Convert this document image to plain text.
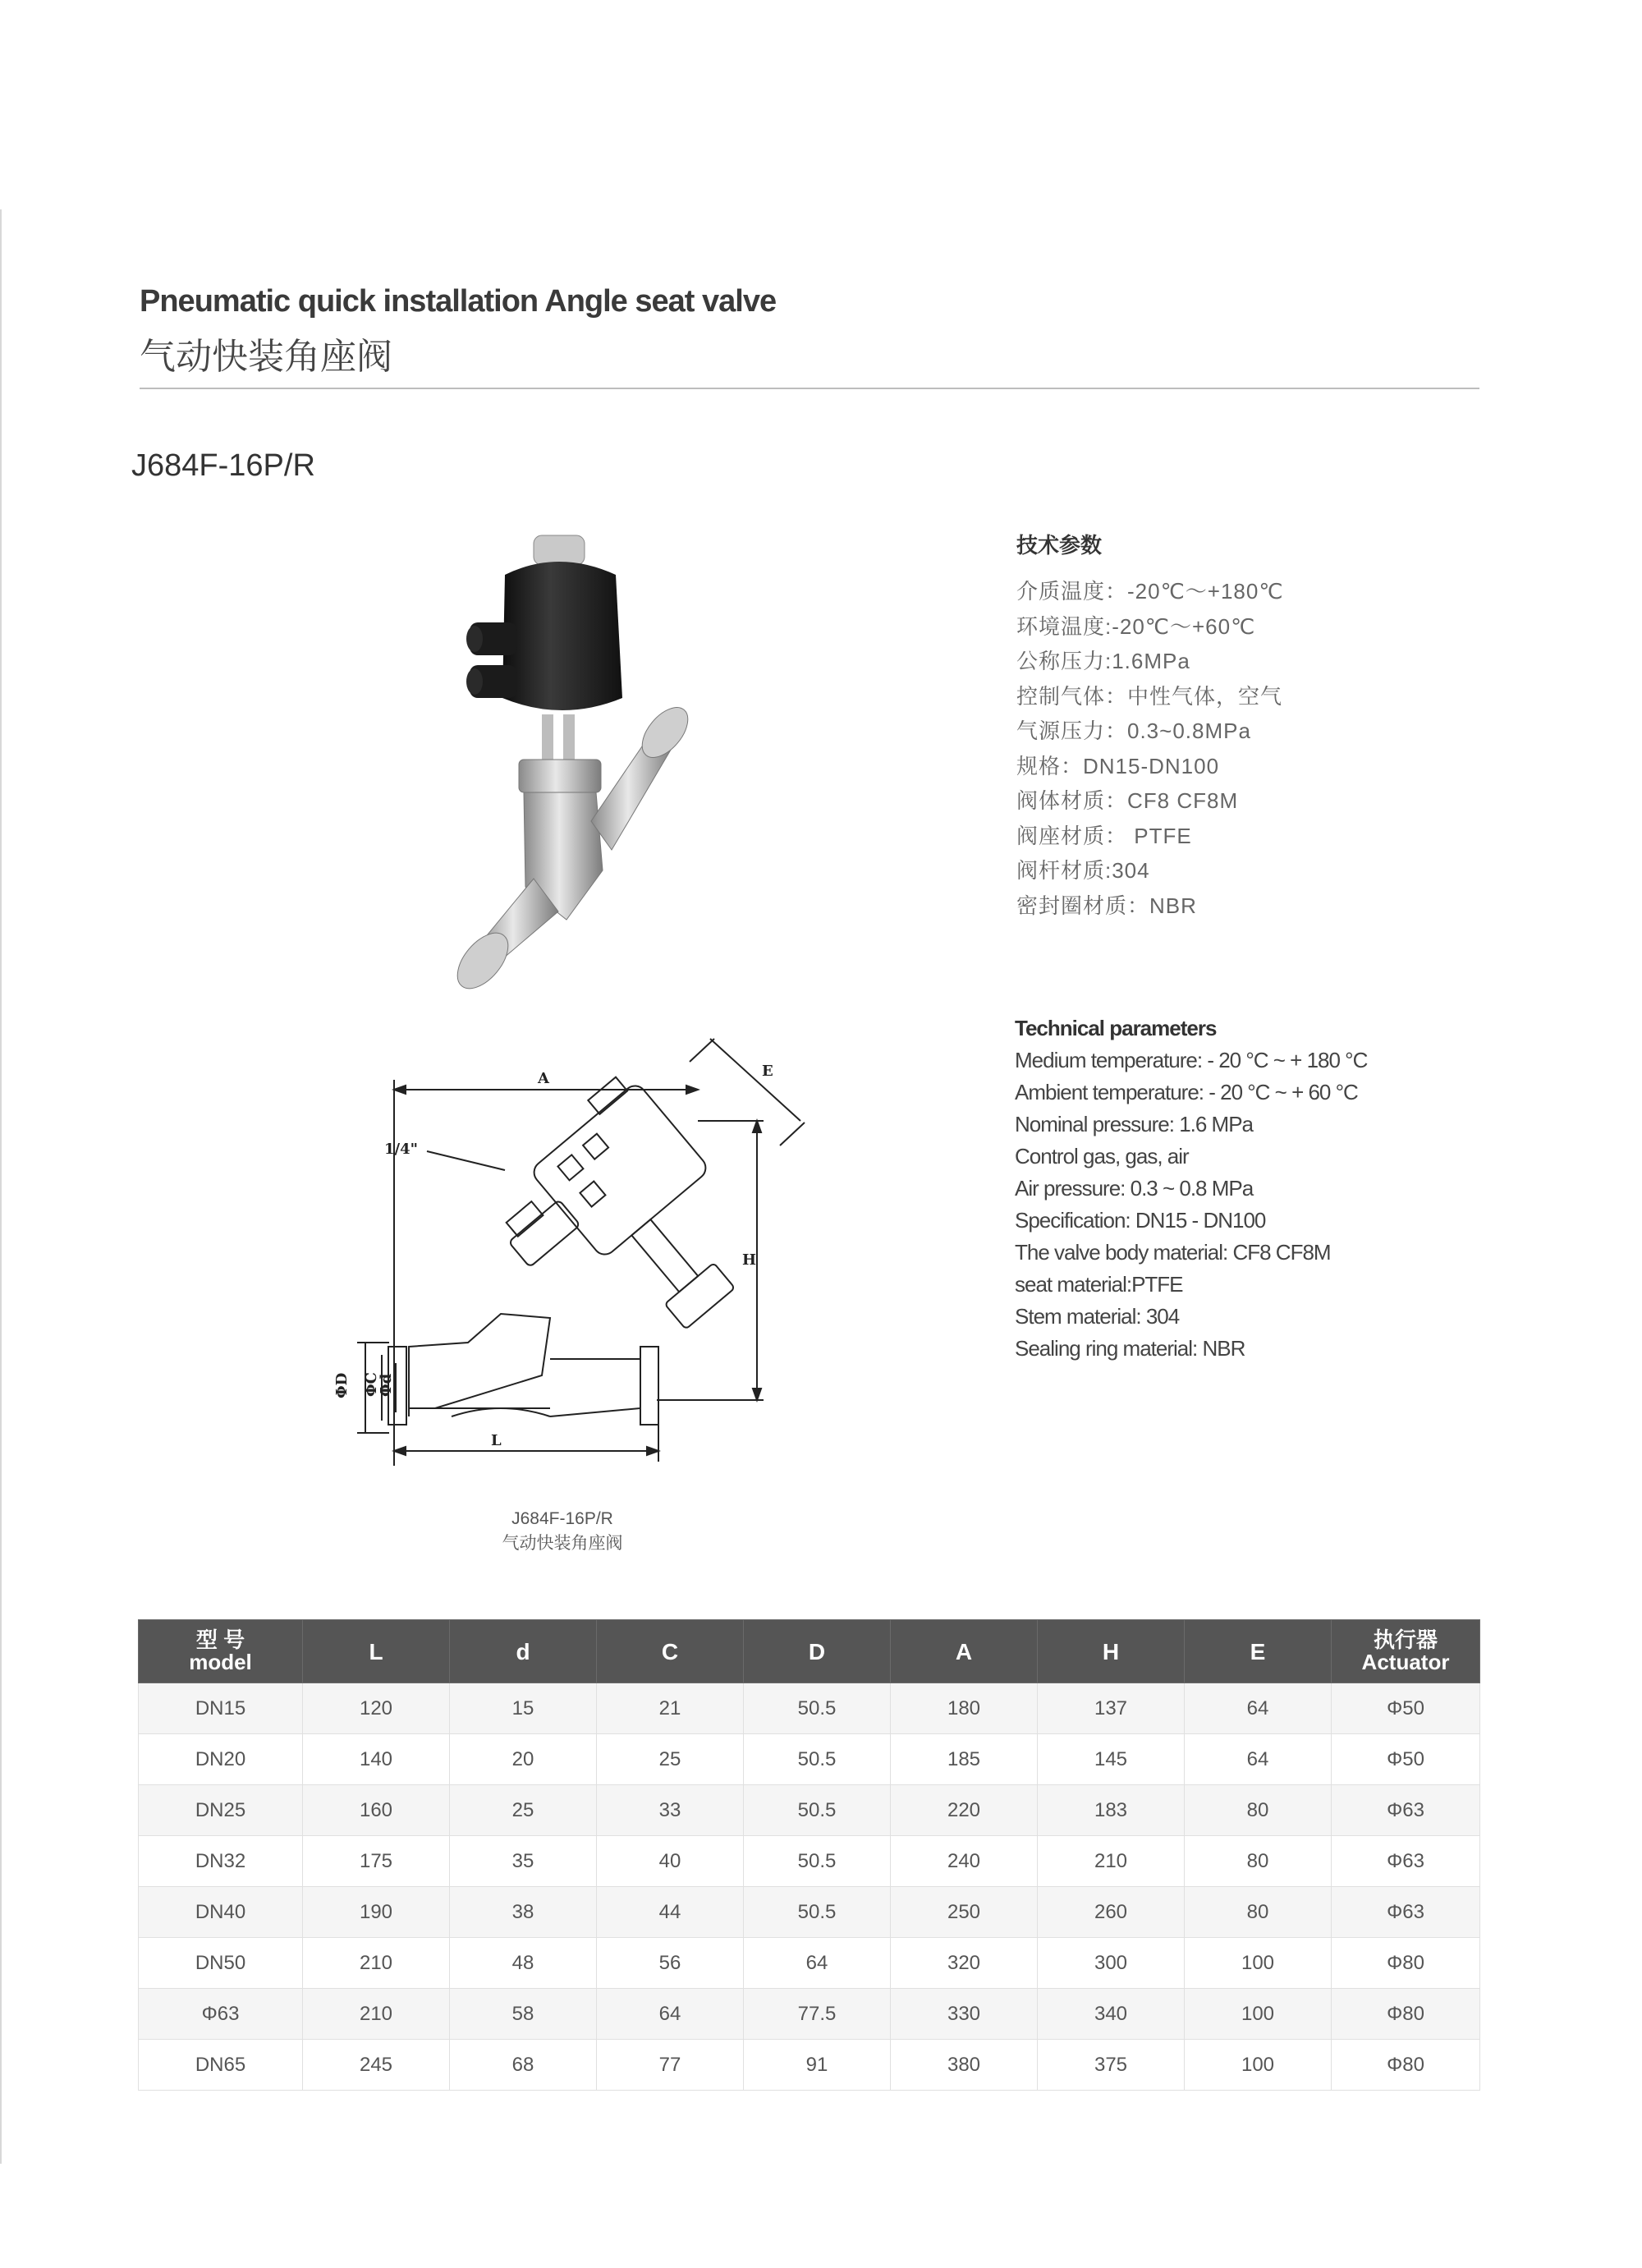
Pneumatic quick installation Angle seat valve
气动快装角座阀
J684F-16P/R
A	E
H
L
1/4"
ΦD ΦC
Φd
J684F-16P/R
气动快装角座阀
技术参数
介质温度：-20℃～+180℃
环境温度:-20℃～+60℃
公称压力:1.6MPa
控制气体：中性气体，空气
气源压力：0.3~0.8MPa
规格：DN15-DN100
阀体材质：CF8 CF8M
阀座材质： PTFE
阀杆材质:304
密封圈材质：NBR
Technical parameters
Medium temperature: - 20 °C ~ + 180 °C
Ambient temperature: - 20 °C ~ + 60 °C
Nominal pressure: 1.6 MPa
Control gas, gas, air
Air pressure: 0.3 ~ 0.8 MPa
Specification: DN15 - DN100
The valve body material: CF8 CF8M
seat material:PTFE
Stem material: 304
Sealing ring material: NBR
型 号
model	L	d	C	D	A	H	E	执行器
Actuator

DN15	120	15	21	50.5	180	137	64	Φ50
DN20	140	20	25	50.5	185	145	64	Φ50
DN25	160	25	33	50.5	220	183	80	Φ63
DN32	175	35	40	50.5	240	210	80	Φ63
DN40	190	38	44	50.5	250	260	80	Φ63
DN50	210	48	56	64	320	300	100	Φ80
Φ63	210	58	64	77.5	330	340	100	Φ80
DN65	245	68	77	91	380	375	100	Φ80
